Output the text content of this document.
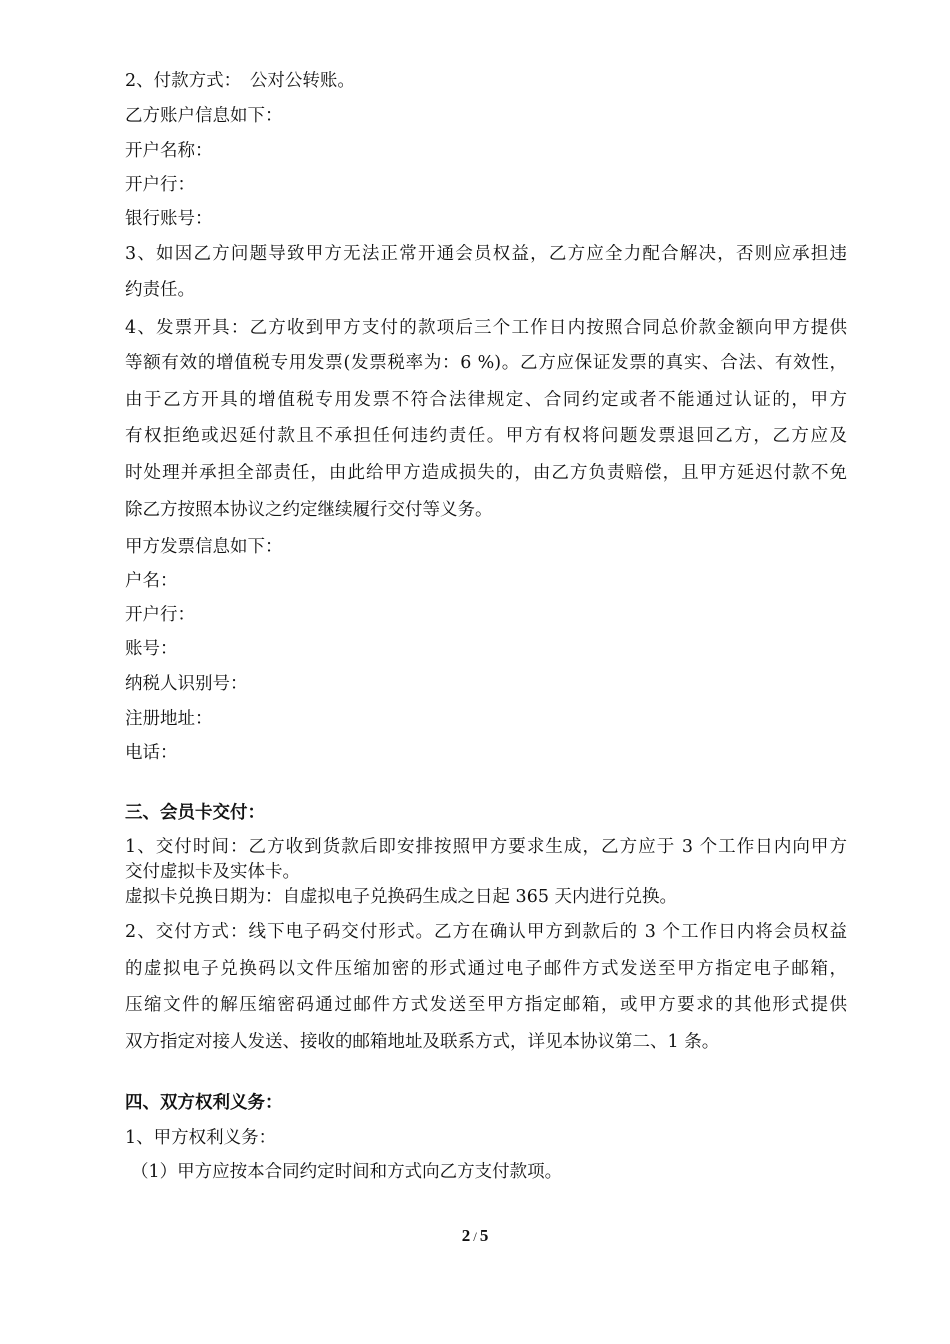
2、付款方式：　公对公转账。
乙方账户信息如下：
开户名称：
开户行：
银行账号：
3、如因乙方问题导致甲方无法正常开通会员权益，乙方应全力配合解决，否则应承担违
约责任。
4、发票开具：乙方收到甲方支付的款项后三个工作日内按照合同总价款金额向甲方提供
等额有效的增值税专用发票(发票税率为：6 %)。乙方应保证发票的真实、合法、有效性，
由于乙方开具的增值税专用发票不符合法律规定、合同约定或者不能通过认证的，甲方
有权拒绝或迟延付款且不承担任何违约责任。甲方有权将问题发票退回乙方，乙方应及
时处理并承担全部责任，由此给甲方造成损失的，由乙方负责赔偿，且甲方延迟付款不免
除乙方按照本协议之约定继续履行交付等义务。
甲方发票信息如下：
户名：
开户行：
账号：
纳税人识别号：
注册地址：
电话：
三、会员卡交付：
1、交付时间：乙方收到货款后即安排按照甲方要求生成，乙方应于 3 个工作日内向甲方
交付虚拟卡及实体卡。
虚拟卡兑换日期为：自虚拟电子兑换码生成之日起 365 天内进行兑换。
2、交付方式：线下电子码交付形式。乙方在确认甲方到款后的 3 个工作日内将会员权益
的虚拟电子兑换码以文件压缩加密的形式通过电子邮件方式发送至甲方指定电子邮箱，
压缩文件的解压缩密码通过邮件方式发送至甲方指定邮箱，或甲方要求的其他形式提供
双方指定对接人发送、接收的邮箱地址及联系方式，详见本协议第二、1 条。
四、双方权利义务：
1、甲方权利义务：
（1）甲方应按本合同约定时间和方式向乙方支付款项。
2 / 5
